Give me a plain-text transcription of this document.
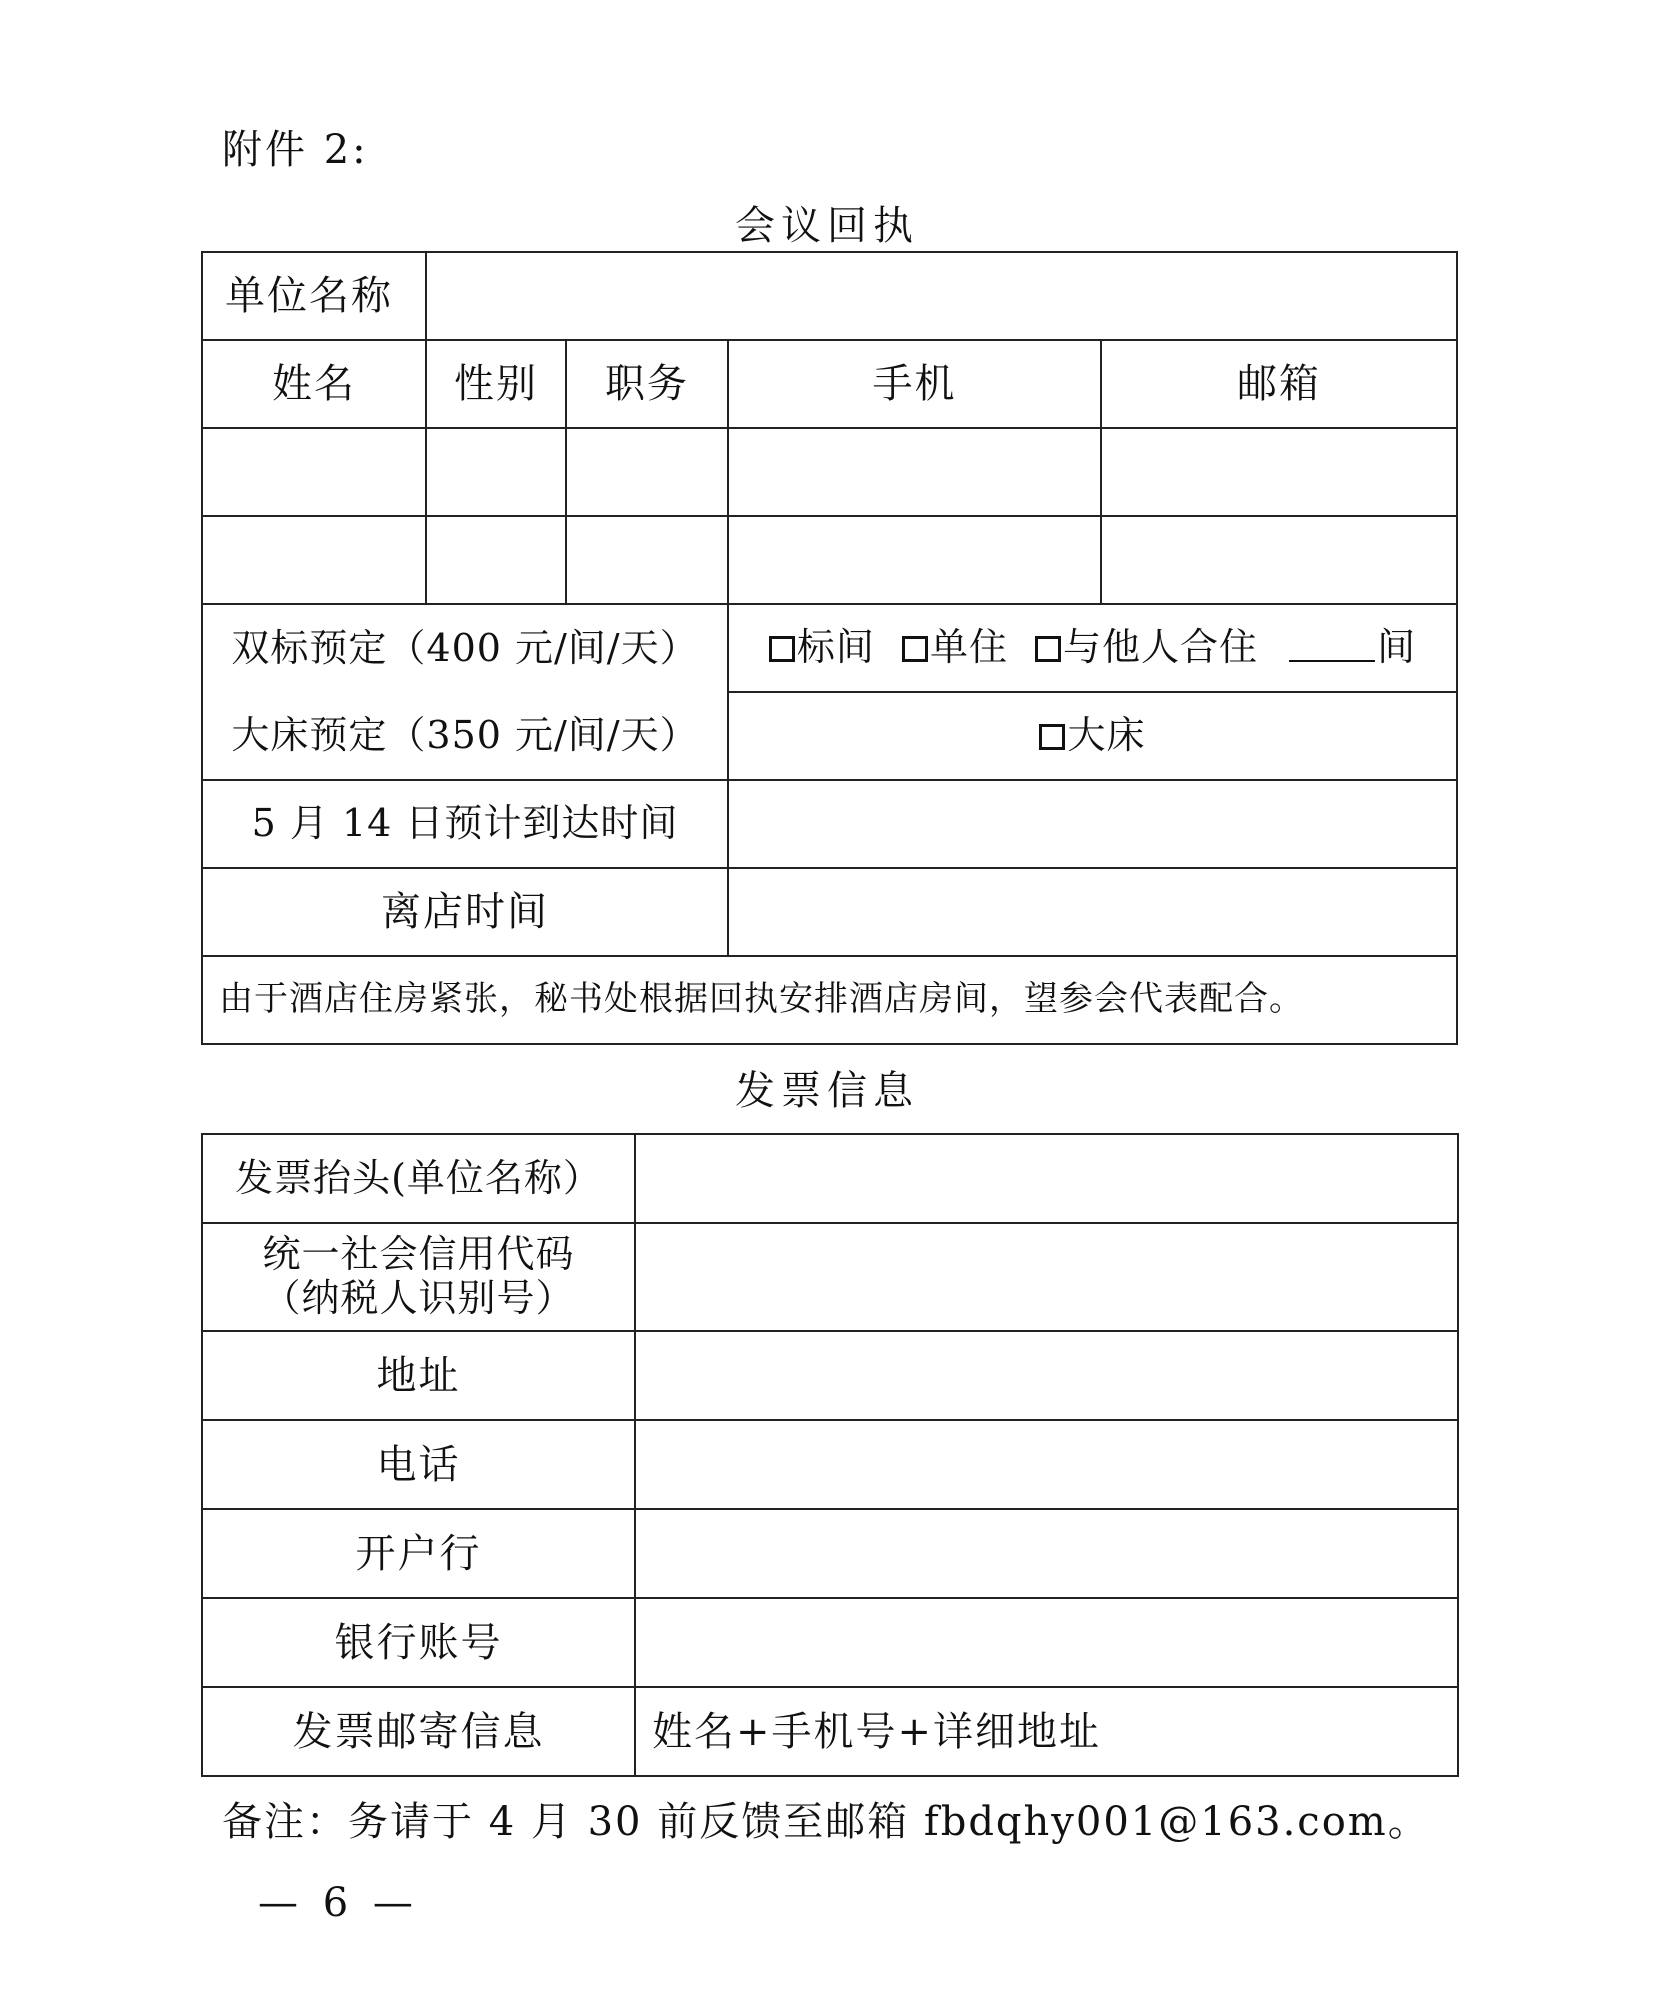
附件 2:
会议回执
单位名称				
姓名	性别	职务	手机	邮箱

双标预定（400 元/间/天）			标间 单住 与他人合住 间	
大床预定（350 元/间/天）			大床	
5 月 14 日预计到达时间				
离店时间				
由于酒店住房紧张，秘书处根据回执安排酒店房间，望参会代表配合。				
发票信息
发票抬头(单位名称）	

统一社会信用代码
（纳税人识别号）	

地址	
电话	
开户行	
银行账号	
发票邮寄信息	姓名+手机号+详细地址
备注：务请于 4 月 30 前反馈至邮箱 fbdqhy001@163.com。
— 6 —
